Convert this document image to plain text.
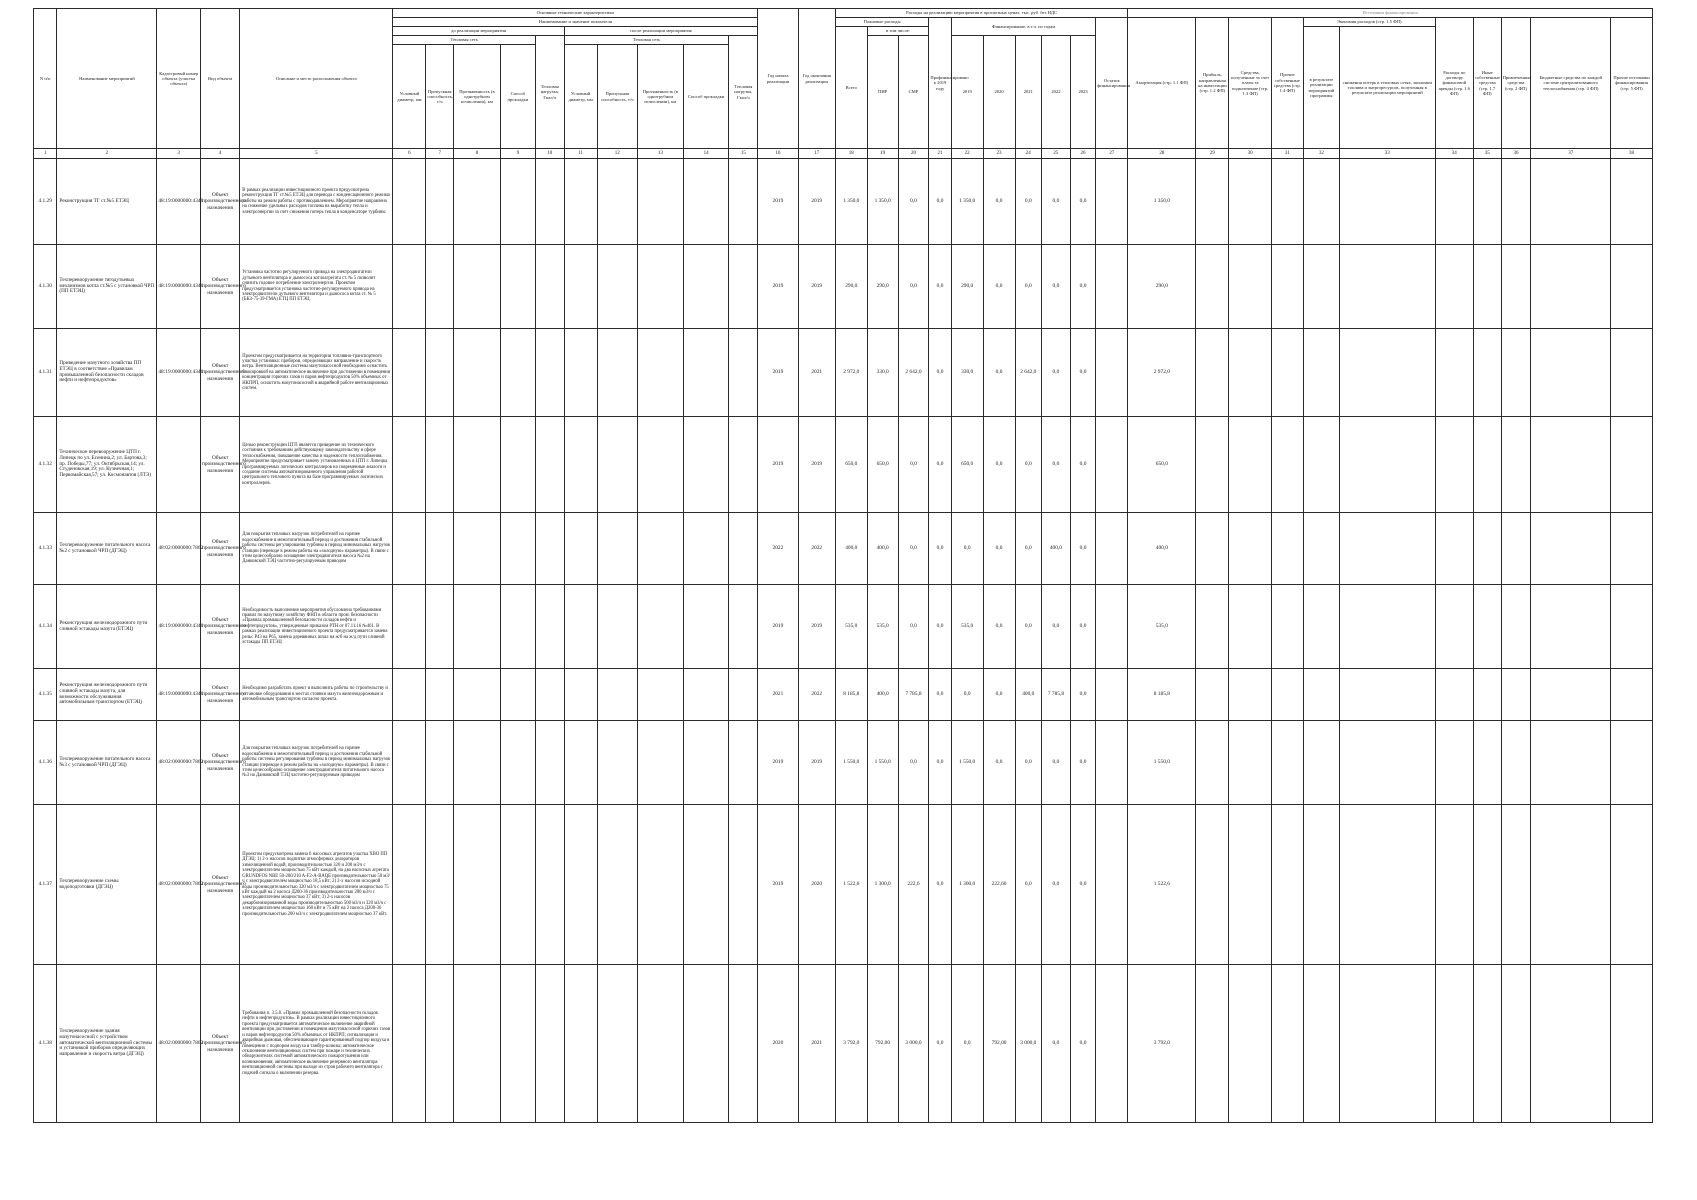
N п/п	Наименование мероприятий	Кадастровый номер объекта (участка объекта)	Вид объекта	Описание и место расположения объекта	Основные технические характеристики										Год начала реализации	Год окончания реализации	Расходы на реализацию мероприятия в прогнозных ценах, тыс. руб. без НДС										Источники финансирования										
					Наименование и значение показателя												Плановые расходы			Профинансировано к 2019 году	Финансирование, в т.ч. по годам					Остаток финансирования	Амортизация (стр. 1.1 ФП)	Прибыль, направленная на инвестиции (стр. 1.2 ФП)	Средства, полученные за счет платы за подключение (стр. 1.3 ФП)	Прочие собственные средства (стр. 1.4 ФП)	Экономия расходов (стр. 1.5 ФП)		Расходы по договору финансовой аренды (стр. 1.6 ФП)	Иные собственные средства (стр. 1.7 ФП)	Привлеченные средства (стр. 2 ФП)	Бюджетные средства по каждой системе централизованного теплоснабжения (стр. 4 ФП)	Прочие источники финансирования (стр. 5 ФП)
					до реализации мероприятия					после реализации мероприятия							Всего	в том числе:													в результате реализации мероприятий программы	снижения потерь в тепловых сетях, экономии топлива и энергоресурсов, полученная в результате реализации мероприятий					
					Тепловая сеть				Тепловая нагрузка, Гкал/ч	Тепловая сеть				Тепловая нагрузка, Гкал/ч				ПИР	СМР		2019	2020	2021	2022	2023												
					Условный диаметр, мм	Пропускная способность, т/ч	Протяженность (в однотрубном исчислении), км	Способ прокладки		Условный диаметр, мм	Пропускная способность, т/ч	Протяженность (в однотрубном исчислении), км	Способ прокладки																								
1	2	3	4	5	6	7	8	9	10	11	12	13	14	15	16	17	18	19	20	21	22	23	24	25	26	27	28	29	30	31	32	33	34	35	36	37	38
4.1.29	Реконструкция ТГ ст.№5 ЕТЭЦ	48:19:0000000:4346	Объект производственного назначения	В рамках реализации инвестиционного проекта предусмотрена реконструкция ТГ ст.№5 ЕТЭЦ для перевода с конденсационного режима работы на режим работы с противодавлением. Мероприятие направлено на снижение удельных расходов топлива на выработку тепла и электроэнергии за счет снижения потерь тепла в конденсаторе турбины											2019	2019	1 350,0	1 350,0	0,0	0,0	1 350,0	0,0	0,0	0,0	0,0		1 350,0										
4.1.30	Техперевооружение тягодутьевых механизмов котла ст.№5 с установкой ЧРП (ПП ЕТЭЦ)	48:19:0000000:4346	Объект производственного назначения	Установка частотно регулируемого привода на электродвигатели дутьевого вентилятора и дымососа котлоагрегата ст. № 5 позволит снизить годовое потребление электроэнергии. Проектом предусматривается установка частотно-регулируемого привода на электродвигатели дутьевого вентилятора и дымососа котла ст. № 5 (БКЗ-75-39-ГМА) ЕТЦ ПП ЕТЭЦ.											2019	2019	290,0	290,0	0,0	0,0	290,0	0,0	0,0	0,0	0,0		290,0										
4.1.31	Приведение мазутного хозяйства ПП ЕТЭЦ в соответствие «Правилам промышленной безопасности складов нефти и нефтепродуктов»	48:19:0000000:4346	Объект производственного назначения	Проектом предусматривается на территории топливно-транспортного участка установка: приборов, определяющих направление и скорость ветра. Вентиляционные системы мазутонасосной необходимо оснастить блокировкой на автоматическое включение при достижении в помещении концентрации горючих газов и паров нефтепродуктов 50% объемных от НКПРП, оснастить мазутонасосной в аварийной работе вентиляционных систем.											2019	2021	2 972,0	330,0	2 642,0	0,0	330,0	0,0	2 642,0	0,0	0,0		2 972,0										
4.1.32	Техническое перевооружение ЦТП г. Липецк по ул. Есенина,2; ул. Бартова,3; пр. Победы,77; ул. Октябрьская,14; ул. Студеновская,19; ул. Кузнечная,1; Первомайская,57; ул. Космонавтов (ЛТЭ)		Объект производственного назначения	Целью реконструкции ЦТП является приведение их технического состояния к требованиям действующему законодательству в сфере теплоснабжения, повышение качества и надежности теплоснабжения. Мероприятие предусматривает замену установленных в ЦТП г. Липецка программируемых логических контроллеров на современные аналоги и создание системы автоматизированного управления работой центрального теплового пункта на базе программируемых логических контроллеров.											2019	2019	650,0	650,0	0,0	0,0	650,0	0,0	0,0	0,0	0,0		650,0										
4.1.33	Техперевооружение питательного насоса №2 с установкой ЧРП (ДГЭЦ)	48:02:0000000:7862	Объект производственного назначения	Для покрытия тепловых нагрузок потребителей на горячее водоснабжение в межотопительный период и достижения стабильной работы системы регулирования турбины в период минимальных нагрузок станции (переводе в режим работы на «холодную» параметры). В связи с этим целесообразно оснащение электродвигателя насоса №2 на Данковской ТЭЦ частотно-регулируемым приводом											2022	2022	400,0	400,0	0,0	0,0	0,0	0,0	0,0	400,0	0,0		400,0										
4.1.34	Реконструкция железнодорожного пути сливной эстакады мазута (ЕТЭЦ)	48:19:0000000:4346	Объект производственного назначения	Необходимость выполнения мероприятия обусловлена требованиями правил по мазутному хозяйству ФНП в области пром. безопасности «Правила промышленной безопасности складов нефти и нефтепродуктов», утвержденные приказом РТН от 07.11.16 №461. В рамках реализации инвестиционного проекта предусматривается замена рельс Р43 на Р65, замена деревянных шпал на ж/б на ж/д пути сливной эстакады ПП ЕТЭЦ											2019	2019	535,0	535,0	0,0	0,0	535,0	0,0	0,0	0,0	0,0		535,0										
4.1.35	Реконструкция железнодорожного пути сливной эстакады мазута, для возможности обслуживания автомобильным транспортом (ЕТЭЦ)	48:19:0000000:4346	Объект производственного назначения	Необходимо разработать проект и выполнить работы по строительству и установке оборудования в местах стоянки мазута железнодорожным и автомобильным транспортом согласно проекта.											2021	2022	8 185,8	400,0	7 785,8	0,0	0,0	0,0	400,0	7 785,8	0,0		8 185,8										
4.1.36	Техперевооружение питательного насоса №3 с установкой ЧРП (ДГЭЦ)	48:02:0000000:7862	Объект производственного назначения	Для покрытия тепловых нагрузок потребителей на горячее водоснабжение в межотопительный период и достижения стабильной работы системы регулирования турбины в период минимальных нагрузок станции (переводе в режим работы на «холодную» параметры). В связи с этим целесообразно оснащение электродвигателя питательного насоса №3 на Данковской ТЭЦ частотно-регулируемым приводом											2019	2019	1 550,0	1 550,0	0,0	0,0	1 550,0	0,0	0,0	0,0	0,0		1 550,0										
4.1.37	Техперевооружение схемы водоподготовки (ДГЭЦ)	48:02:0000000:7862	Объект производственного назначения	Проектом предусмотрена замена 6 насосных агрегатов участка ХВО ПП ДГЭЦ: 1) 2-х насосов подпитки атмосферных деаэраторов химочищенной водой, производительностью 320 и 200 м3/ч с электродвигателем мощностью 75 кВт каждый, на два насосных агрегата GRUNDFOS NBE 50-200/210 A-F2-A-BAQE производительностью 50 м3/ч с электродвигателем мощностью 18,5 кВт; 2) 2-х насосов исходной воды производительностью 320 м3/ч с электродвигателем мощностью 75 кВт каждый на 2 насоса Д200-36 производительностью 200 м3/ч с электродвигателем мощностью 37 кВт; 3) 2-х насосов декарбонизированной воды производительностью 500 м3/ч и 320 м3/ч с электродвигателем мощностью 160 кВт и 75 кВт на 2 насоса Д200-36 производительностью 200 м3/ч с электродвигателем мощностью 37 кВт.											2019	2020	1 522,6	1 300,0	222,6	0,0	1 300,0	222,60	0,0	0,0	0,0		1 522,6										
4.1.38	Техперевооружение здания мазутонасосной с устройством автоматической вентиляционной системы и установкой приборов определяющих направление и скорость ветра (ДГЭЦ)	48:02:0000000:7862	Объект производственного назначения	Требования п. 3.5.8. «Правил промышленной безопасности складов нефти и нефтепродуктов». В рамках реализации инвестиционного проекта предусматривается автоматическое включение аварийной вентиляции при достижении в помещении мазутонасосной горючих газов и паров нефтепродуктов 50% объемных от НКПРП; сигнализация и аварийная дымовая, обеспечивающие гарантированный подпор воздуха в помещении с подпором воздуха в тамбур-шлюзы; автоматическое отключение вентиляционных систем при пожаре и технических обнаружителях системой автоматического пожаротушения или возникновения; автоматическое включение резервного вентилятора вентиляционной системы при выходе из строя рабочего вентилятора с подачей сигнала о включении резерва.											2020	2021	3 792,0	792,00	3 000,0	0,0	0,0	792,00	3 000,0	0,0	0,0		3 792,0										
